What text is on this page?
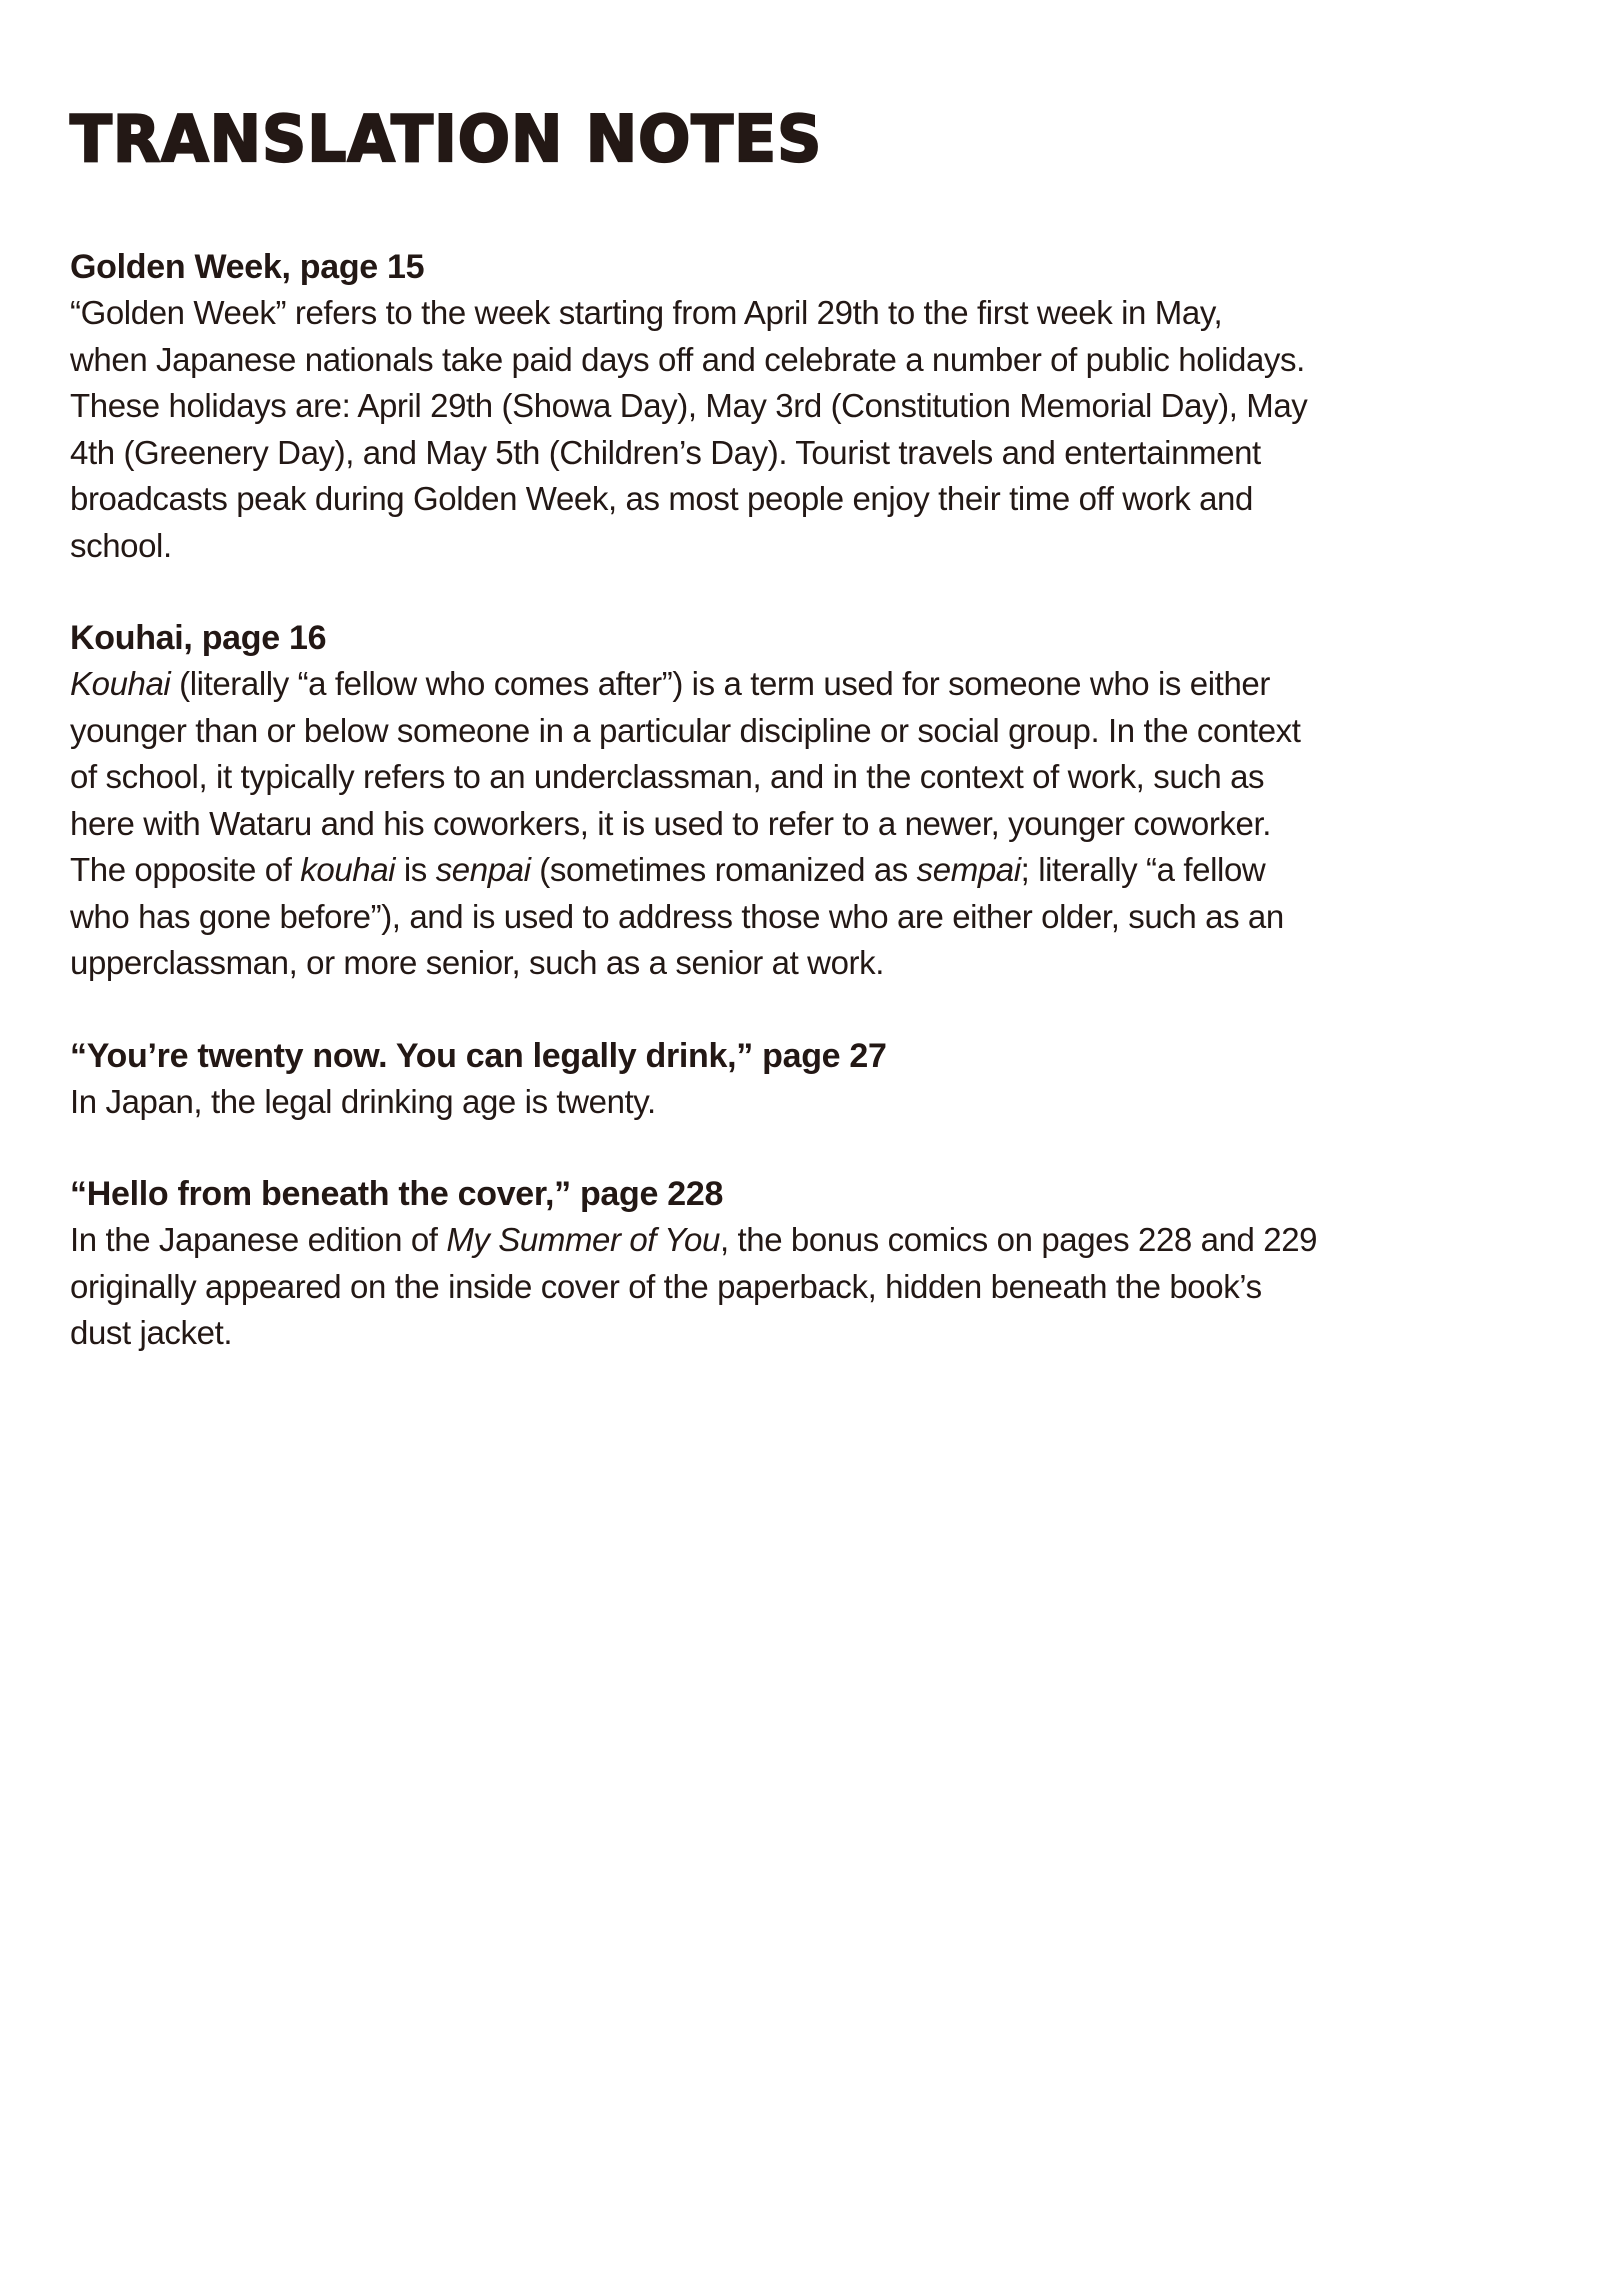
TRANSLATION NOTES
Golden Week, page 15

“Golden Week” refers to the week starting from April 29th to the first week in May,
when Japanese nationals take paid days off and celebrate a number of public holidays.
These holidays are: April 29th (Showa Day), May 3rd (Constitution Memorial Day), May
4th (Greenery Day), and May 5th (Children’s Day). Tourist travels and entertainment
broadcasts peak during Golden Week, as most people enjoy their time off work and
school.

Kouhai, page 16

Kouhai (literally “a fellow who comes after”) is a term used for someone who is either
younger than or below someone in a particular discipline or social group. In the context
of school, it typically refers to an underclassman, and in the context of work, such as
here with Wataru and his coworkers, it is used to refer to a newer, younger coworker.
The opposite of kouhai is senpai (sometimes romanized as sempai; literally “a fellow
who has gone before”), and is used to address those who are either older, such as an
upperclassman, or more senior, such as a senior at work.

“You’re twenty now. You can legally drink,” page 27

In Japan, the legal drinking age is twenty.

“Hello from beneath the cover,” page 228

In the Japanese edition of My Summer of You, the bonus comics on pages 228 and 229
originally appeared on the inside cover of the paperback, hidden beneath the book’s
dust jacket.
